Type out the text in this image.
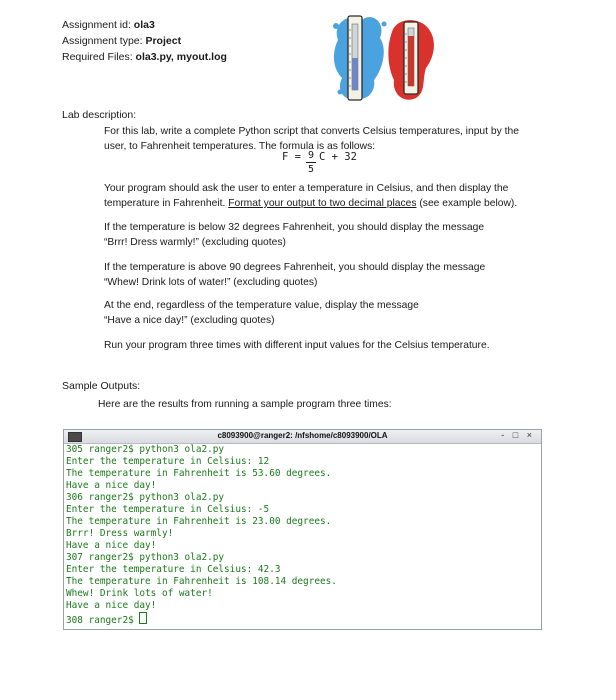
Assignment id: ola3
Assignment type: Project
Required Files: ola3.py, myout.log
Lab description:
For this lab, write a complete Python script that converts Celsius temperatures, input by the user, to Fahrenheit temperatures. The formula is as follows:
F = 9
5
C + 32
Your program should ask the user to enter a temperature in Celsius, and then display the temperature in Fahrenheit. Format your output to two decimal places (see example below).
If the temperature is below 32 degrees Fahrenheit, you should display the message
“Brrr! Dress warmly!” (excluding quotes)
If the temperature is above 90 degrees Fahrenheit, you should display the message
“Whew! Drink lots of water!” (excluding quotes)
At the end, regardless of the temperature value, display the message
“Have a nice day!” (excluding quotes)
Run your program three times with different input values for the Celsius temperature.
Sample Outputs:
Here are the results from running a sample program three times:
c8093900@ranger2: /nfshome/c8093900/OLA	- □ ×
305 ranger2$ python3 ola2.py
Enter the temperature in Celsius: 12
The temperature in Fahrenheit is 53.60 degrees.
Have a nice day!
306 ranger2$ python3 ola2.py
Enter the temperature in Celsius: -5
The temperature in Fahrenheit is 23.00 degrees.
Brrr! Dress warmly!
Have a nice day!
307 ranger2$ python3 ola2.py
Enter the temperature in Celsius: 42.3
The temperature in Fahrenheit is 108.14 degrees.
Whew! Drink lots of water!
Have a nice day!
308 ranger2$
